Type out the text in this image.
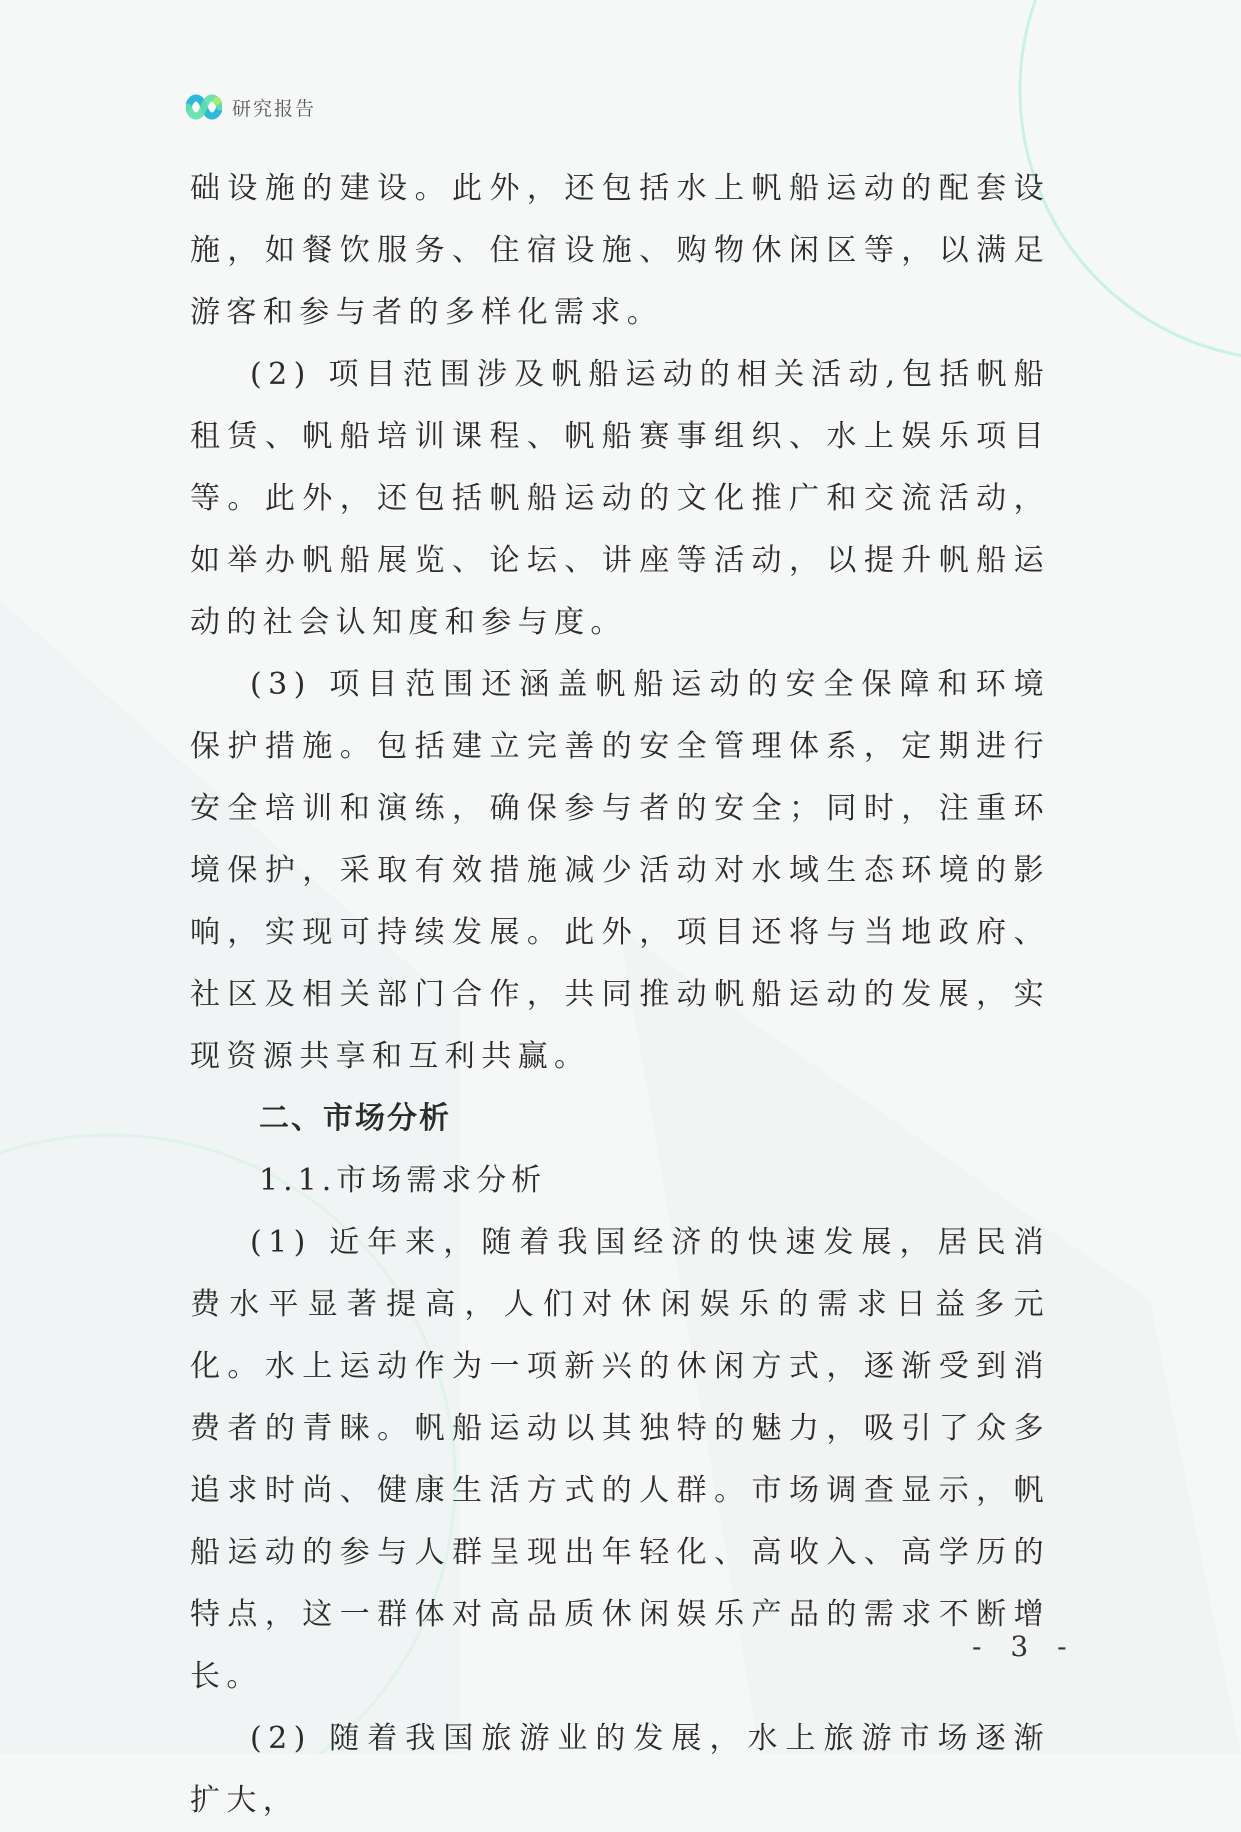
研究报告

础设施的建设。此外，还包括水上帆船运动的配套设施，如餐饮服务、住宿设施、购物休闲区等，以满足游客和参与者的多样化需求。

(2) 项目范围涉及帆船运动的相关活动,包括帆船租赁、帆船培训课程、帆船赛事组织、水上娱乐项目等。此外，还包括帆船运动的文化推广和交流活动，如举办帆船展览、论坛、讲座等活动，以提升帆船运动的社会认知度和参与度。

(3) 项目范围还涵盖帆船运动的安全保障和环境保护措施。包括建立完善的安全管理体系，定期进行安全培训和演练，确保参与者的安全；同时，注重环境保护，采取有效措施减少活动对水域生态环境的影响，实现可持续发展。此外，项目还将与当地政府、社区及相关部门合作，共同推动帆船运动的发展，实现资源共享和互利共赢。

二、市场分析

1.1.市场需求分析

(1) 近年来，随着我国经济的快速发展，居民消费水平显著提高，人们对休闲娱乐的需求日益多元化。水上运动作为一项新兴的休闲方式，逐渐受到消费者的青睐。帆船运动以其独特的魅力，吸引了众多追求时尚、健康生活方式的人群。市场调查显示，帆船运动的参与人群呈现出年轻化、高收入、高学历的特点，这一群体对高品质休闲娱乐产品的需求不断增长。

(2) 随着我国旅游业的发展，水上旅游市场逐渐扩大，

- 3 -
